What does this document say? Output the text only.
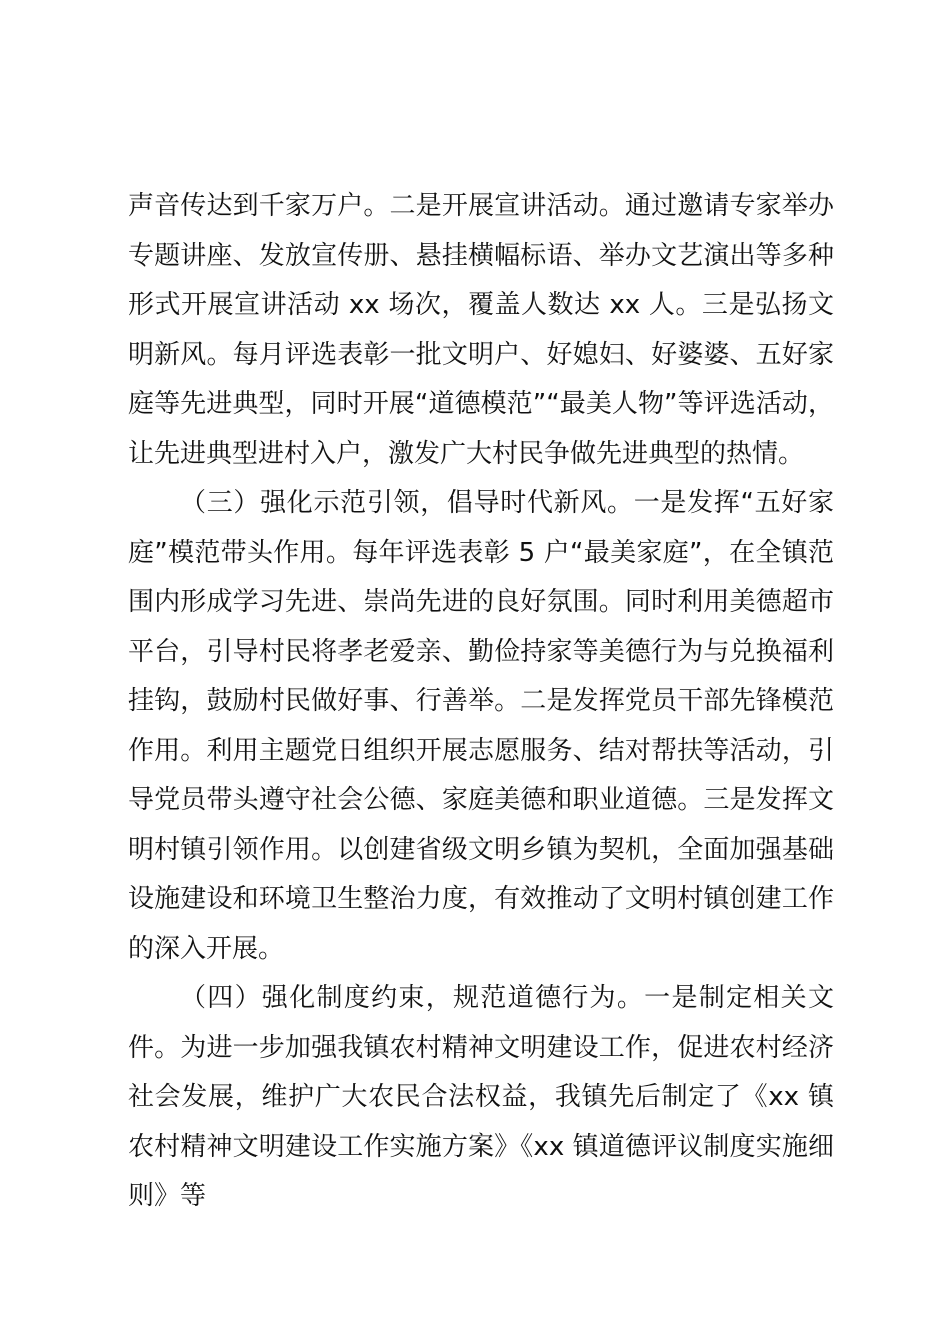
声音传达到千家万户。二是开展宣讲活动。通过邀请专家举办专题讲座、发放宣传册、悬挂横幅标语、举办文艺演出等多种形式开展宣讲活动 xx 场次，覆盖人数达 xx 人。三是弘扬文明新风。每月评选表彰一批文明户、好媳妇、好婆婆、五好家庭等先进典型，同时开展“道德模范”“最美人物”等评选活动，让先进典型进村入户，激发广大村民争做先进典型的热情。

（三）强化示范引领，倡导时代新风。一是发挥“五好家庭”模范带头作用。每年评选表彰 5 户“最美家庭”，在全镇范围内形成学习先进、崇尚先进的良好氛围。同时利用美德超市平台，引导村民将孝老爱亲、勤俭持家等美德行为与兑换福利挂钩，鼓励村民做好事、行善举。二是发挥党员干部先锋模范作用。利用主题党日组织开展志愿服务、结对帮扶等活动，引导党员带头遵守社会公德、家庭美德和职业道德。三是发挥文明村镇引领作用。以创建省级文明乡镇为契机，全面加强基础设施建设和环境卫生整治力度，有效推动了文明村镇创建工作的深入开展。

（四）强化制度约束，规范道德行为。一是制定相关文件。为进一步加强我镇农村精神文明建设工作，促进农村经济社会发展，维护广大农民合法权益，我镇先后制定了《xx 镇农村精神文明建设工作实施方案》《xx 镇道德评议制度实施细则》等
